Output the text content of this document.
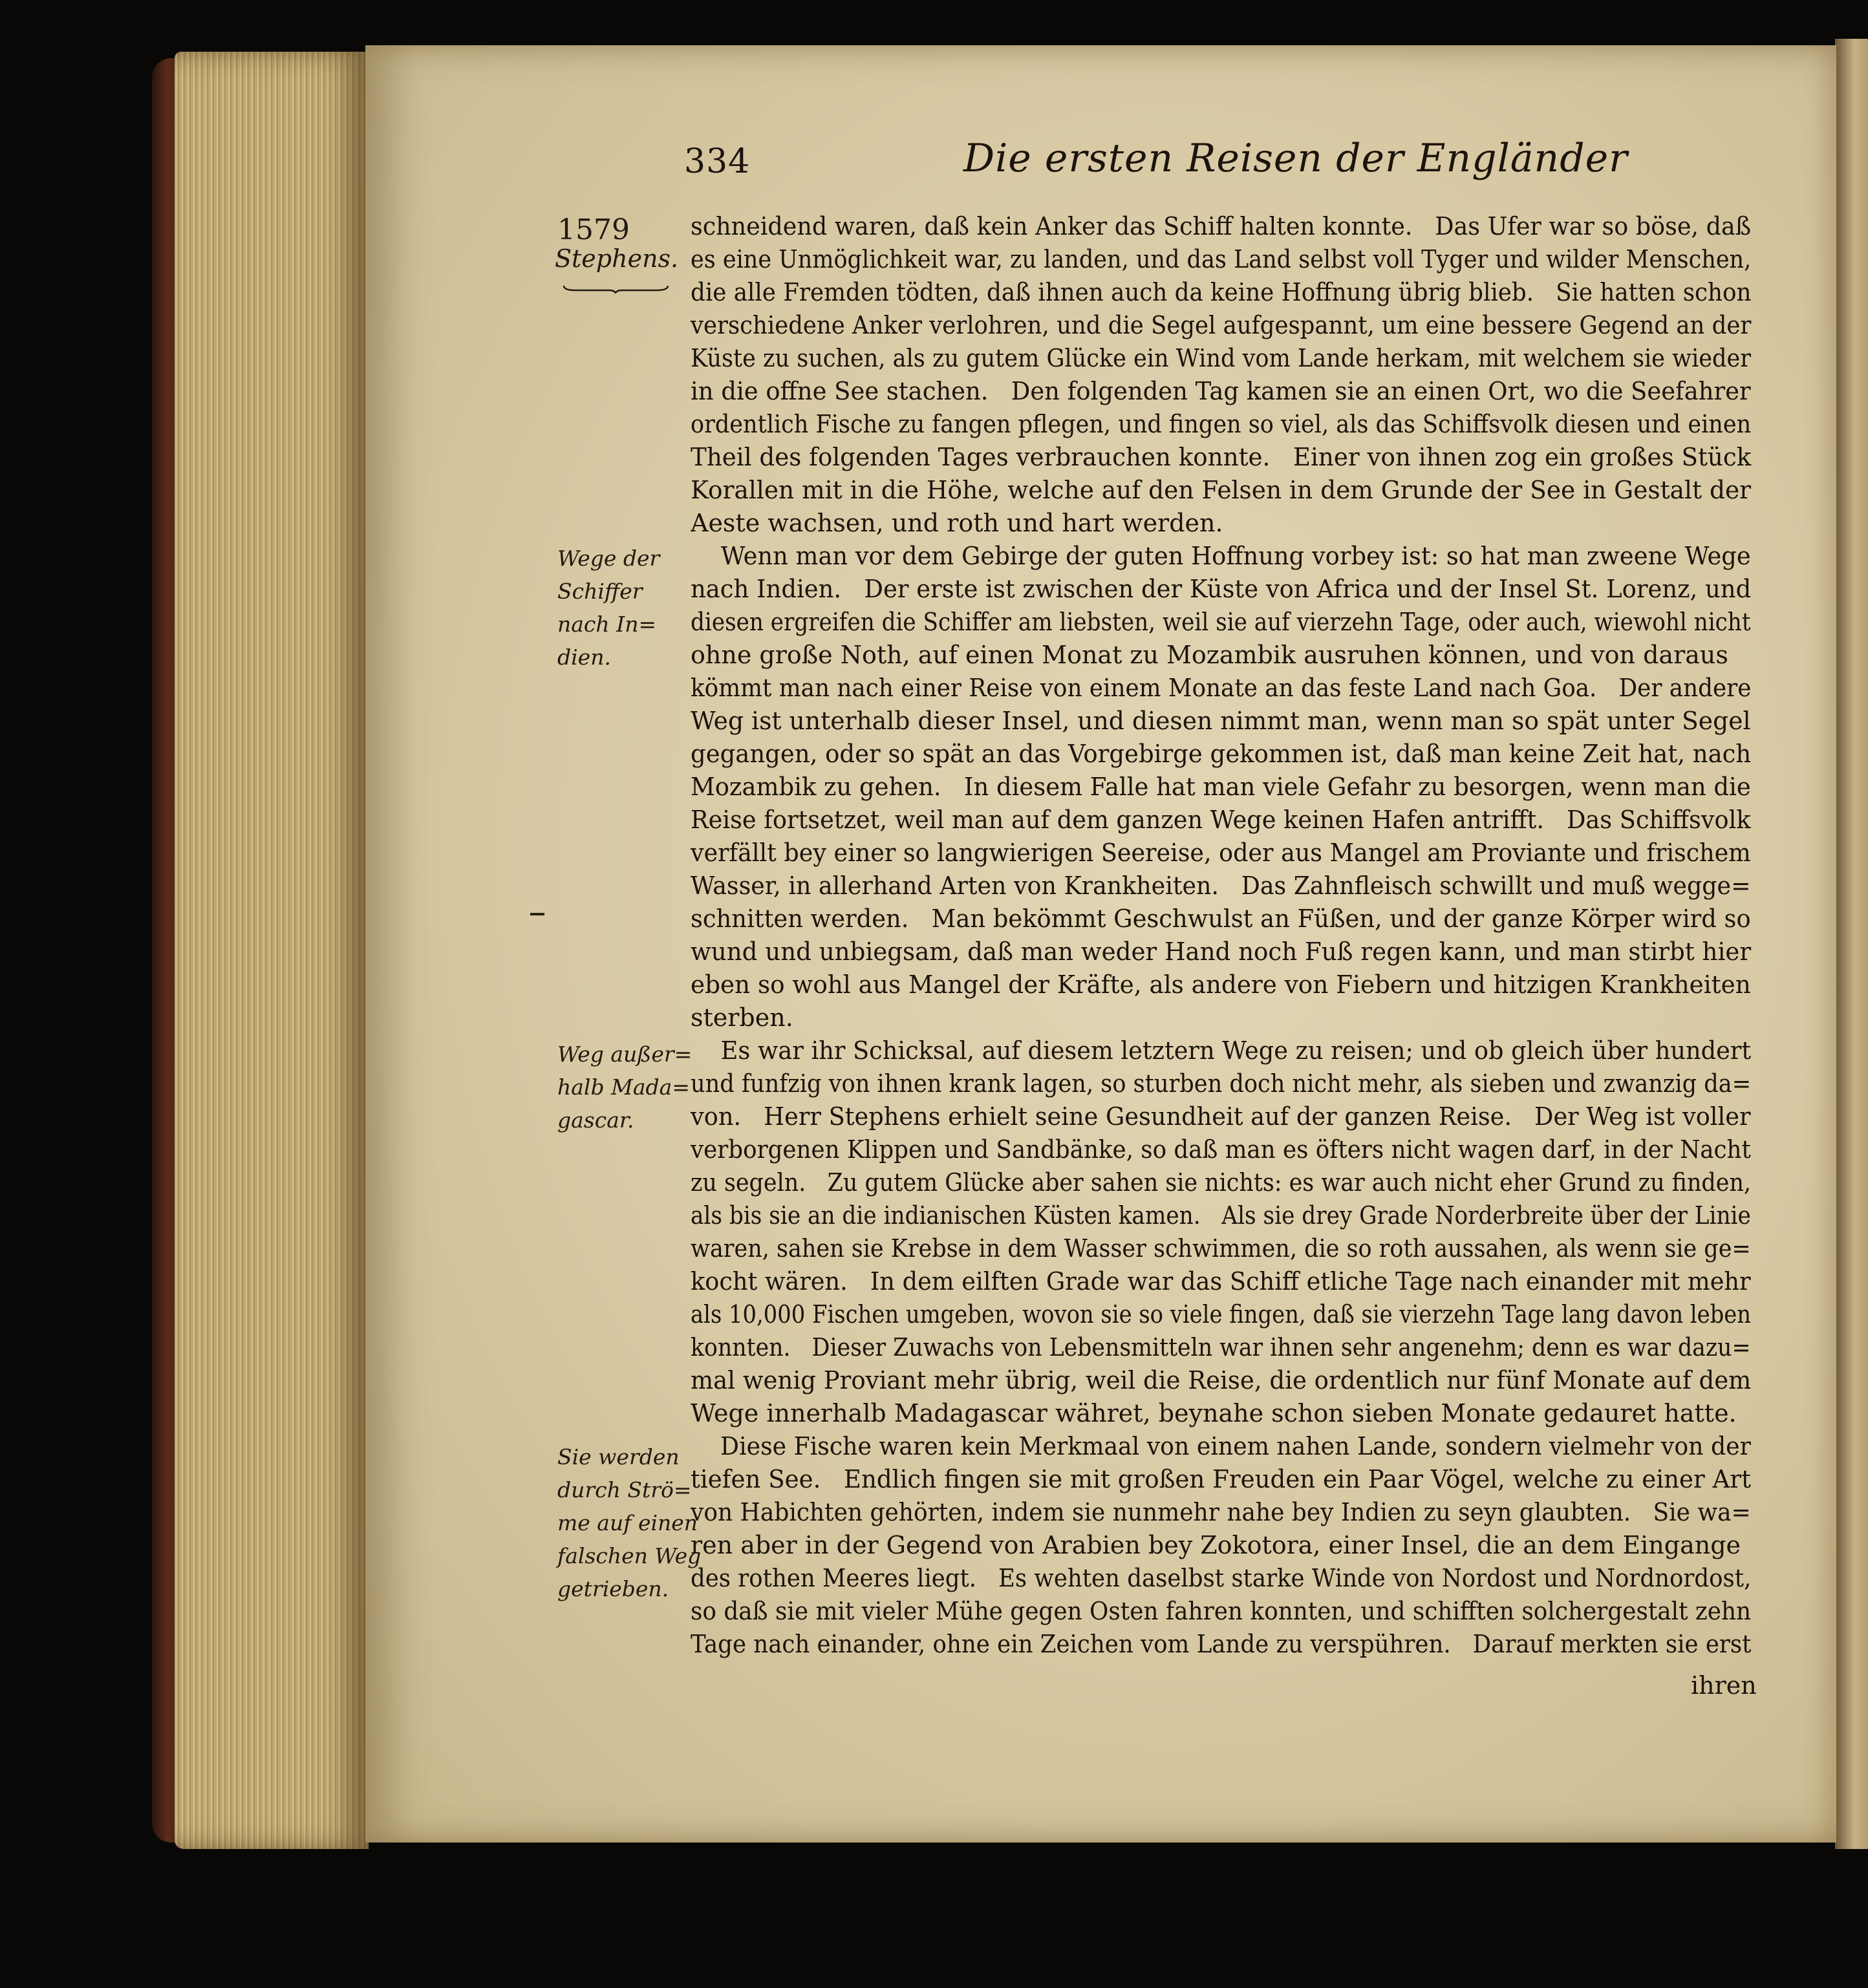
334	Die ersten Reisen der Engländer
1579
Stephens.
Wege der
Schiffer
nach In=
dien.
Weg außer=
halb Mada=
gascar.
Sie werden
durch Strö=
me auf einen
falschen Weg
getrieben.
schneidend waren, daß kein Anker das Schiff halten konnte.   Das Ufer war so böse, daß
es eine Unmöglichkeit war, zu landen, und das Land selbst voll Tyger und wilder Menschen,
die alle Fremden tödten, daß ihnen auch da keine Hoffnung übrig blieb.   Sie hatten schon
verschiedene Anker verlohren, und die Segel aufgespannt, um eine bessere Gegend an der
Küste zu suchen, als zu gutem Glücke ein Wind vom Lande herkam, mit welchem sie wieder
in die offne See stachen.   Den folgenden Tag kamen sie an einen Ort, wo die Seefahrer
ordentlich Fische zu fangen pflegen, und fingen so viel, als das Schiffsvolk diesen und einen
Theil des folgenden Tages verbrauchen konnte.   Einer von ihnen zog ein großes Stück
Korallen mit in die Höhe, welche auf den Felsen in dem Grunde der See in Gestalt der
Aeste wachsen, und roth und hart werden.
Wenn man vor dem Gebirge der guten Hoffnung vorbey ist: so hat man zweene Wege
nach Indien.   Der erste ist zwischen der Küste von Africa und der Insel St. Lorenz, und
diesen ergreifen die Schiffer am liebsten, weil sie auf vierzehn Tage, oder auch, wiewohl nicht
ohne große Noth, auf einen Monat zu Mozambik ausruhen können, und von daraus
kömmt man nach einer Reise von einem Monate an das feste Land nach Goa.   Der andere
Weg ist unterhalb dieser Insel, und diesen nimmt man, wenn man so spät unter Segel
gegangen, oder so spät an das Vorgebirge gekommen ist, daß man keine Zeit hat, nach
Mozambik zu gehen.   In diesem Falle hat man viele Gefahr zu besorgen, wenn man die
Reise fortsetzet, weil man auf dem ganzen Wege keinen Hafen antrifft.   Das Schiffsvolk
verfällt bey einer so langwierigen Seereise, oder aus Mangel am Proviante und frischem
Wasser, in allerhand Arten von Krankheiten.   Das Zahnfleisch schwillt und muß wegge=
schnitten werden.   Man bekömmt Geschwulst an Füßen, und der ganze Körper wird so
wund und unbiegsam, daß man weder Hand noch Fuß regen kann, und man stirbt hier
eben so wohl aus Mangel der Kräfte, als andere von Fiebern und hitzigen Krankheiten
sterben.
Es war ihr Schicksal, auf diesem letztern Wege zu reisen; und ob gleich über hundert
und funfzig von ihnen krank lagen, so sturben doch nicht mehr, als sieben und zwanzig da=
von.   Herr Stephens erhielt seine Gesundheit auf der ganzen Reise.   Der Weg ist voller
verborgenen Klippen und Sandbänke, so daß man es öfters nicht wagen darf, in der Nacht
zu segeln.   Zu gutem Glücke aber sahen sie nichts: es war auch nicht eher Grund zu finden,
als bis sie an die indianischen Küsten kamen.   Als sie drey Grade Norderbreite über der Linie
waren, sahen sie Krebse in dem Wasser schwimmen, die so roth aussahen, als wenn sie ge=
kocht wären.   In dem eilften Grade war das Schiff etliche Tage nach einander mit mehr
als 10,000 Fischen umgeben, wovon sie so viele fingen, daß sie vierzehn Tage lang davon leben
konnten.   Dieser Zuwachs von Lebensmitteln war ihnen sehr angenehm; denn es war dazu=
mal wenig Proviant mehr übrig, weil die Reise, die ordentlich nur fünf Monate auf dem
Wege innerhalb Madagascar währet, beynahe schon sieben Monate gedauret hatte.
Diese Fische waren kein Merkmaal von einem nahen Lande, sondern vielmehr von der
tiefen See.   Endlich fingen sie mit großen Freuden ein Paar Vögel, welche zu einer Art
von Habichten gehörten, indem sie nunmehr nahe bey Indien zu seyn glaubten.   Sie wa=
ren aber in der Gegend von Arabien bey Zokotora, einer Insel, die an dem Eingange
des rothen Meeres liegt.   Es wehten daselbst starke Winde von Nordost und Nordnordost,
so daß sie mit vieler Mühe gegen Osten fahren konnten, und schifften solchergestalt zehn
Tage nach einander, ohne ein Zeichen vom Lande zu verspühren.   Darauf merkten sie erst
ihren
